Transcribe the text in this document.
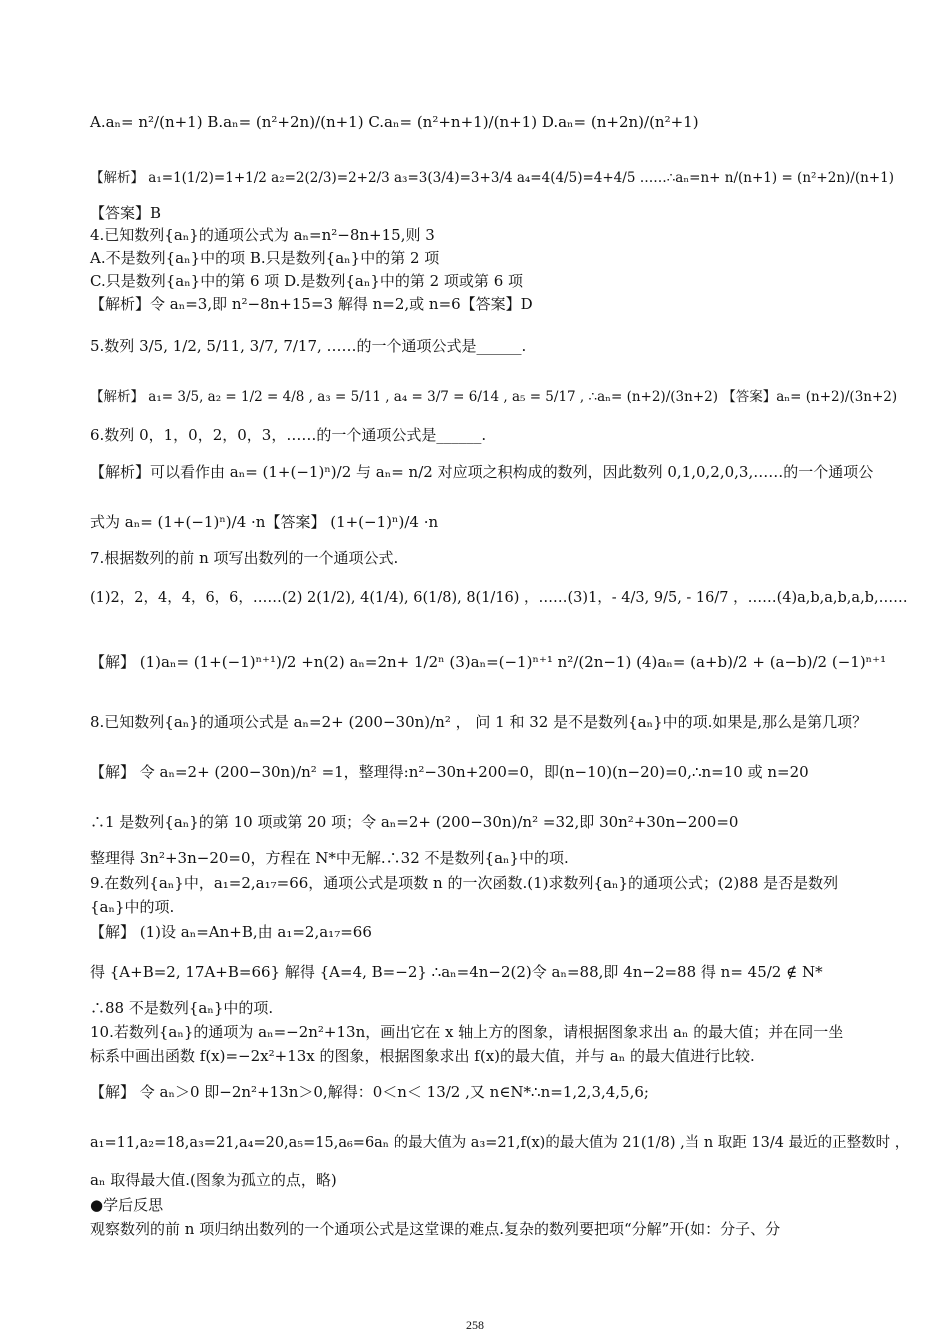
A.aₙ= n²/(n+1) B.aₙ= (n²+2n)/(n+1) C.aₙ= (n²+n+1)/(n+1) D.aₙ= (n+2n)/(n²+1)
【解析】 a₁=1(1/2)=1+1/2 a₂=2(2/3)=2+2/3 a₃=3(3/4)=3+3/4 a₄=4(4/5)=4+4/5 ……∴aₙ=n+ n/(n+1) = (n²+2n)/(n+1)
【答案】B
4.已知数列{aₙ}的通项公式为 aₙ=n²−8n+15,则 3
A.不是数列{aₙ}中的项 B.只是数列{aₙ}中的第 2 项
C.只是数列{aₙ}中的第 6 项 D.是数列{aₙ}中的第 2 项或第 6 项
【解析】令 aₙ=3,即 n²−8n+15=3 解得 n=2,或 n=6【答案】D
5.数列 3/5, 1/2, 5/11, 3/7, 7/17, ……的一个通项公式是______.
【解析】 a₁= 3/5, a₂ = 1/2 = 4/8 , a₃ = 5/11 , a₄ = 3/7 = 6/14 , a₅ = 5/17 , ∴aₙ= (n+2)/(3n+2) 【答案】aₙ= (n+2)/(3n+2)
6.数列 0，1，0，2，0，3，……的一个通项公式是______.
【解析】可以看作由 aₙ= (1+(−1)ⁿ)/2 与 aₙ= n/2 对应项之积构成的数列，因此数列 0,1,0,2,0,3,……的一个通项公
式为 aₙ= (1+(−1)ⁿ)/4 ·n【答案】 (1+(−1)ⁿ)/4 ·n
7.根据数列的前 n 项写出数列的一个通项公式.
(1)2，2，4，4，6，6，……(2) 2(1/2), 4(1/4), 6(1/8), 8(1/16) ，……(3)1，- 4/3, 9/5, - 16/7 ，……(4)a,b,a,b,a,b,……
【解】 (1)aₙ= (1+(−1)ⁿ⁺¹)/2 +n(2) aₙ=2n+ 1/2ⁿ (3)aₙ=(−1)ⁿ⁺¹ n²/(2n−1) (4)aₙ= (a+b)/2 + (a−b)/2 (−1)ⁿ⁺¹
8.已知数列{aₙ}的通项公式是 aₙ=2+ (200−30n)/n² ， 问 1 和 32 是不是数列{aₙ}中的项.如果是,那么是第几项？
【解】 令 aₙ=2+ (200−30n)/n² =1，整理得:n²−30n+200=0，即(n−10)(n−20)=0,∴n=10 或 n=20
∴1 是数列{aₙ}的第 10 项或第 20 项；令 aₙ=2+ (200−30n)/n² =32,即 30n²+30n−200=0
整理得 3n²+3n−20=0，方程在 N*中无解.∴32 不是数列{aₙ}中的项.
9.在数列{aₙ}中，a₁=2,a₁₇=66，通项公式是项数 n 的一次函数.(1)求数列{aₙ}的通项公式；(2)88 是否是数列
{aₙ}中的项.
【解】 (1)设 aₙ=An+B,由 a₁=2,a₁₇=66
得 {A+B=2, 17A+B=66} 解得 {A=4, B=−2} ∴aₙ=4n−2(2)令 aₙ=88,即 4n−2=88 得 n= 45/2 ∉ N*
∴88 不是数列{aₙ}中的项.
10.若数列{aₙ}的通项为 aₙ=−2n²+13n，画出它在 x 轴上方的图象，请根据图象求出 aₙ 的最大值；并在同一坐
标系中画出函数 f(x)=−2x²+13x 的图象，根据图象求出 f(x)的最大值，并与 aₙ 的最大值进行比较.
【解】 令 aₙ＞0 即−2n²+13n＞0,解得：0＜n＜ 13/2 ,又 n∈N*∴n=1,2,3,4,5,6;
a₁=11,a₂=18,a₃=21,a₄=20,a₅=15,a₆=6aₙ 的最大值为 a₃=21,f(x)的最大值为 21(1/8) ,当 n 取距 13/4 最近的正整数时 ，
aₙ 取得最大值.(图象为孤立的点，略)
●学后反思
观察数列的前 n 项归纳出数列的一个通项公式是这堂课的难点.复杂的数列要把项“分解”开(如：分子、分
258
